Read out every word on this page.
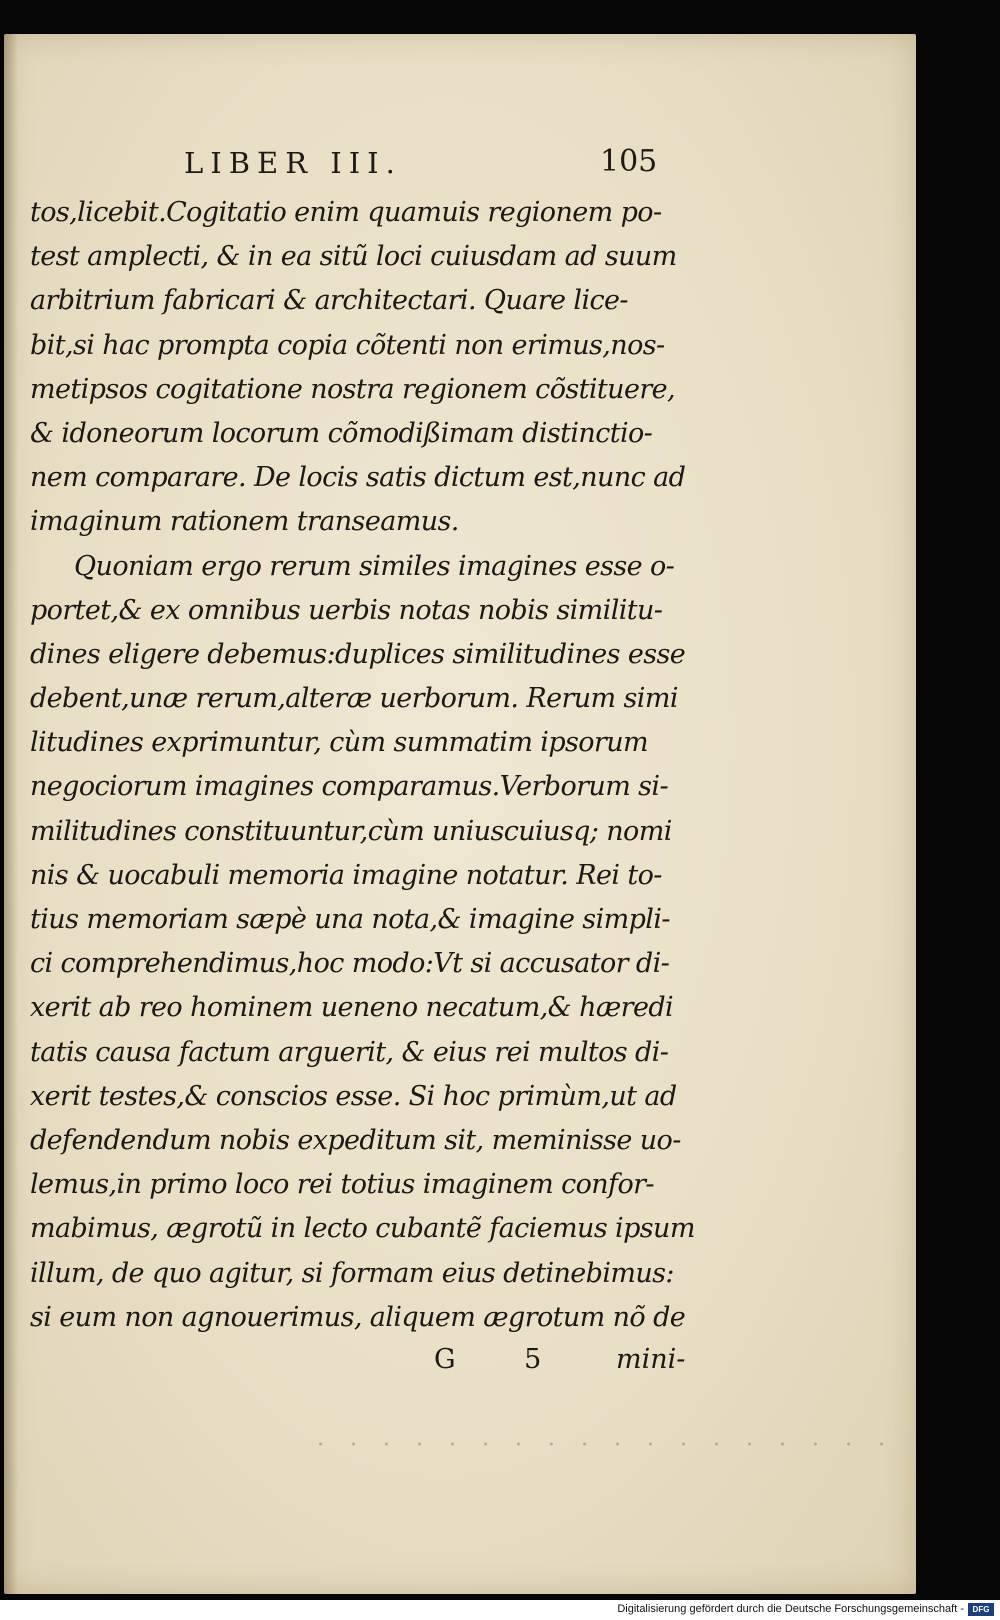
LIBER III.	105
tos,licebit.Cogitatio enim quamuis regionem po-
test amplecti, & in ea sitũ loci cuiusdam ad suum
arbitrium fabricari & architectari. Quare lice-
bit,si hac prompta copia cõtenti non erimus,nos-
metipsos cogitatione nostra regionem cõstituere,
& idoneorum locorum cõmodißimam distinctio-
nem comparare. De locis satis dictum est,nunc ad
imaginum rationem transeamus.
Quoniam ergo rerum similes imagines esse o-
portet,& ex omnibus uerbis notas nobis similitu-
dines eligere debemus:duplices similitudines esse
debent,unæ rerum,alteræ uerborum. Rerum simi
litudines exprimuntur, cùm summatim ipsorum
negociorum imagines comparamus.Verborum si-
militudines constituuntur,cùm uniuscuiusq; nomi
nis & uocabuli memoria imagine notatur. Rei to-
tius memoriam sæpè una nota,& imagine simpli-
ci comprehendimus,hoc modo:Vt si accusator di-
xerit ab reo hominem ueneno necatum,& hæredi
tatis causa factum arguerit, & eius rei multos di-
xerit testes,& conscios esse. Si hoc primùm,ut ad
defendendum nobis expeditum sit, meminisse uo-
lemus,in primo loco rei totius imaginem confor-
mabimus, ægrotũ in lecto cubantẽ faciemus ipsum
illum, de quo agitur, si formam eius detinebimus:
si eum non agnouerimus, aliquem ægrotum nõ de
G 5 mini-
Digitalisierung gefördert durch die Deutsche Forschungsgemeinschaft -	DFG
